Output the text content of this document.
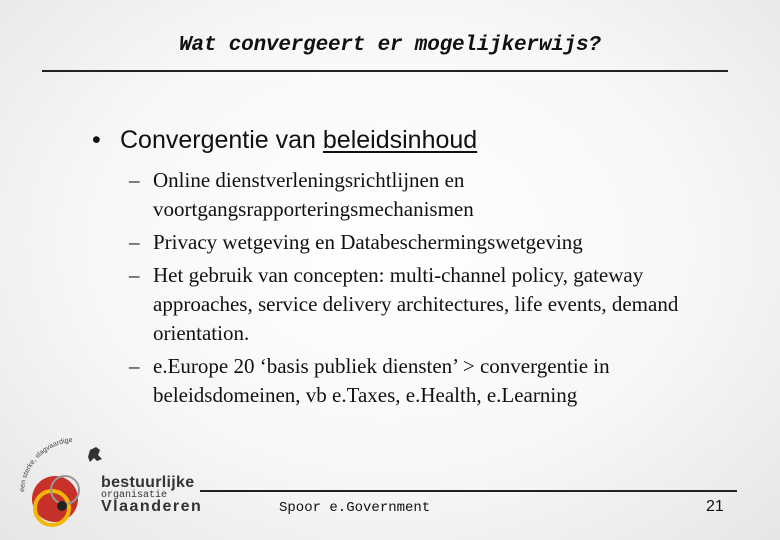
Wat convergeert er mogelijkerwijs?
• Convergentie van beleidsinhoud
– Online dienstverleningsrichtlijnen en voortgangsrapporteringsmechanismen
– Privacy wetgeving en Databeschermingswetgeving
– Het gebruik van concepten: multi-channel policy, gateway approaches, service delivery architectures, life events, demand orientation.
– e.Europe 20 ‘basis publiek diensten’ > convergentie in beleidsdomeinen, vb e.Taxes, e.Health, e.Learning
een sterke, slagvaardige
bestuurlijke
organisatie
Vlaanderen	Spoor e.Government	21
